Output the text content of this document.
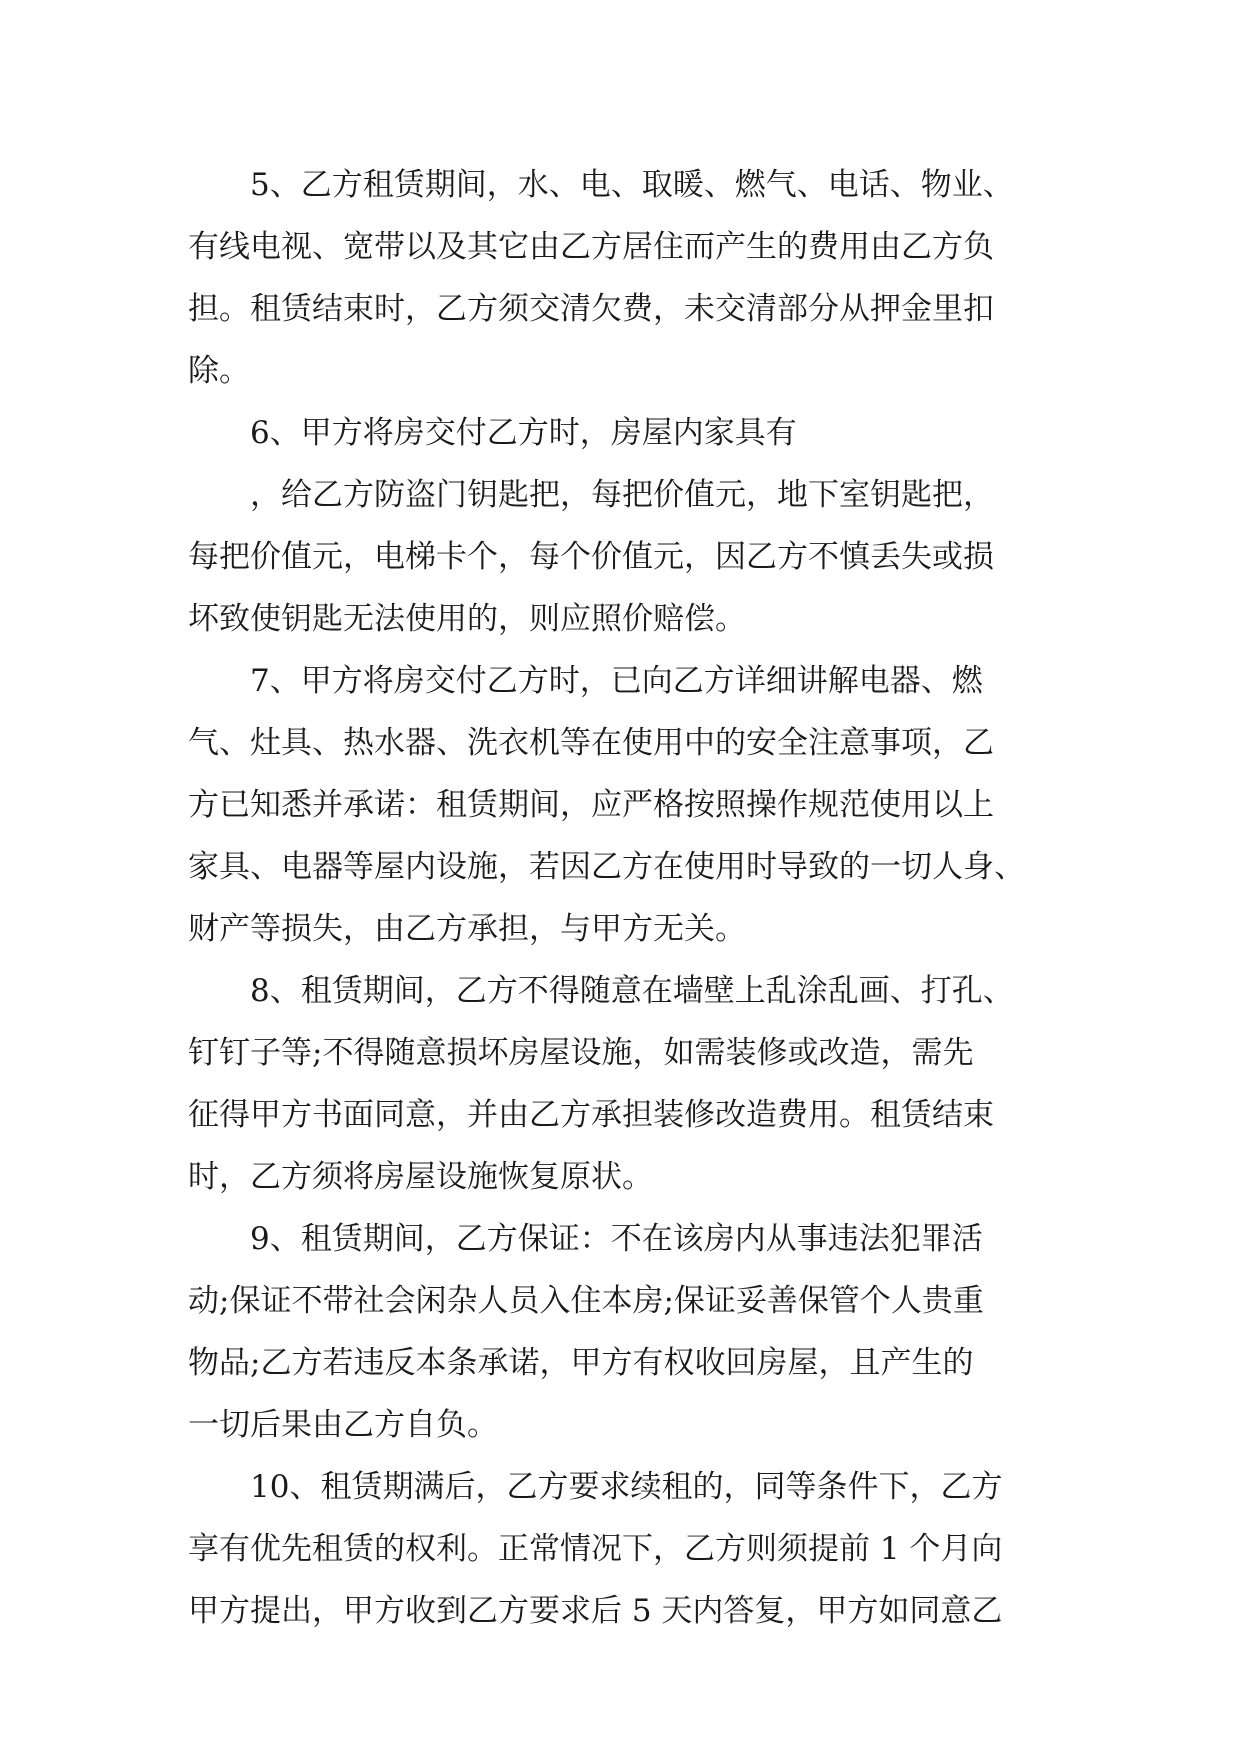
5、乙方租赁期间，水、电、取暖、燃气、电话、物业、
有线电视、宽带以及其它由乙方居住而产生的费用由乙方负
担。租赁结束时，乙方须交清欠费，未交清部分从押金里扣
除。
6、甲方将房交付乙方时，房屋内家具有
，给乙方防盗门钥匙把，每把价值元，地下室钥匙把，
每把价值元，电梯卡个，每个价值元，因乙方不慎丢失或损
坏致使钥匙无法使用的，则应照价赔偿。
7、甲方将房交付乙方时，已向乙方详细讲解电器、燃
气、灶具、热水器、洗衣机等在使用中的安全注意事项，乙
方已知悉并承诺：租赁期间，应严格按照操作规范使用以上
家具、电器等屋内设施，若因乙方在使用时导致的一切人身、
财产等损失，由乙方承担，与甲方无关。
8、租赁期间，乙方不得随意在墙壁上乱涂乱画、打孔、
钉钉子等;不得随意损坏房屋设施，如需装修或改造，需先
征得甲方书面同意，并由乙方承担装修改造费用。租赁结束
时，乙方须将房屋设施恢复原状。
9、租赁期间，乙方保证：不在该房内从事违法犯罪活
动;保证不带社会闲杂人员入住本房;保证妥善保管个人贵重
物品;乙方若违反本条承诺，甲方有权收回房屋，且产生的
一切后果由乙方自负。
10、租赁期满后，乙方要求续租的，同等条件下，乙方
享有优先租赁的权利。正常情况下，乙方则须提前 1 个月向
甲方提出，甲方收到乙方要求后 5 天内答复，甲方如同意乙
